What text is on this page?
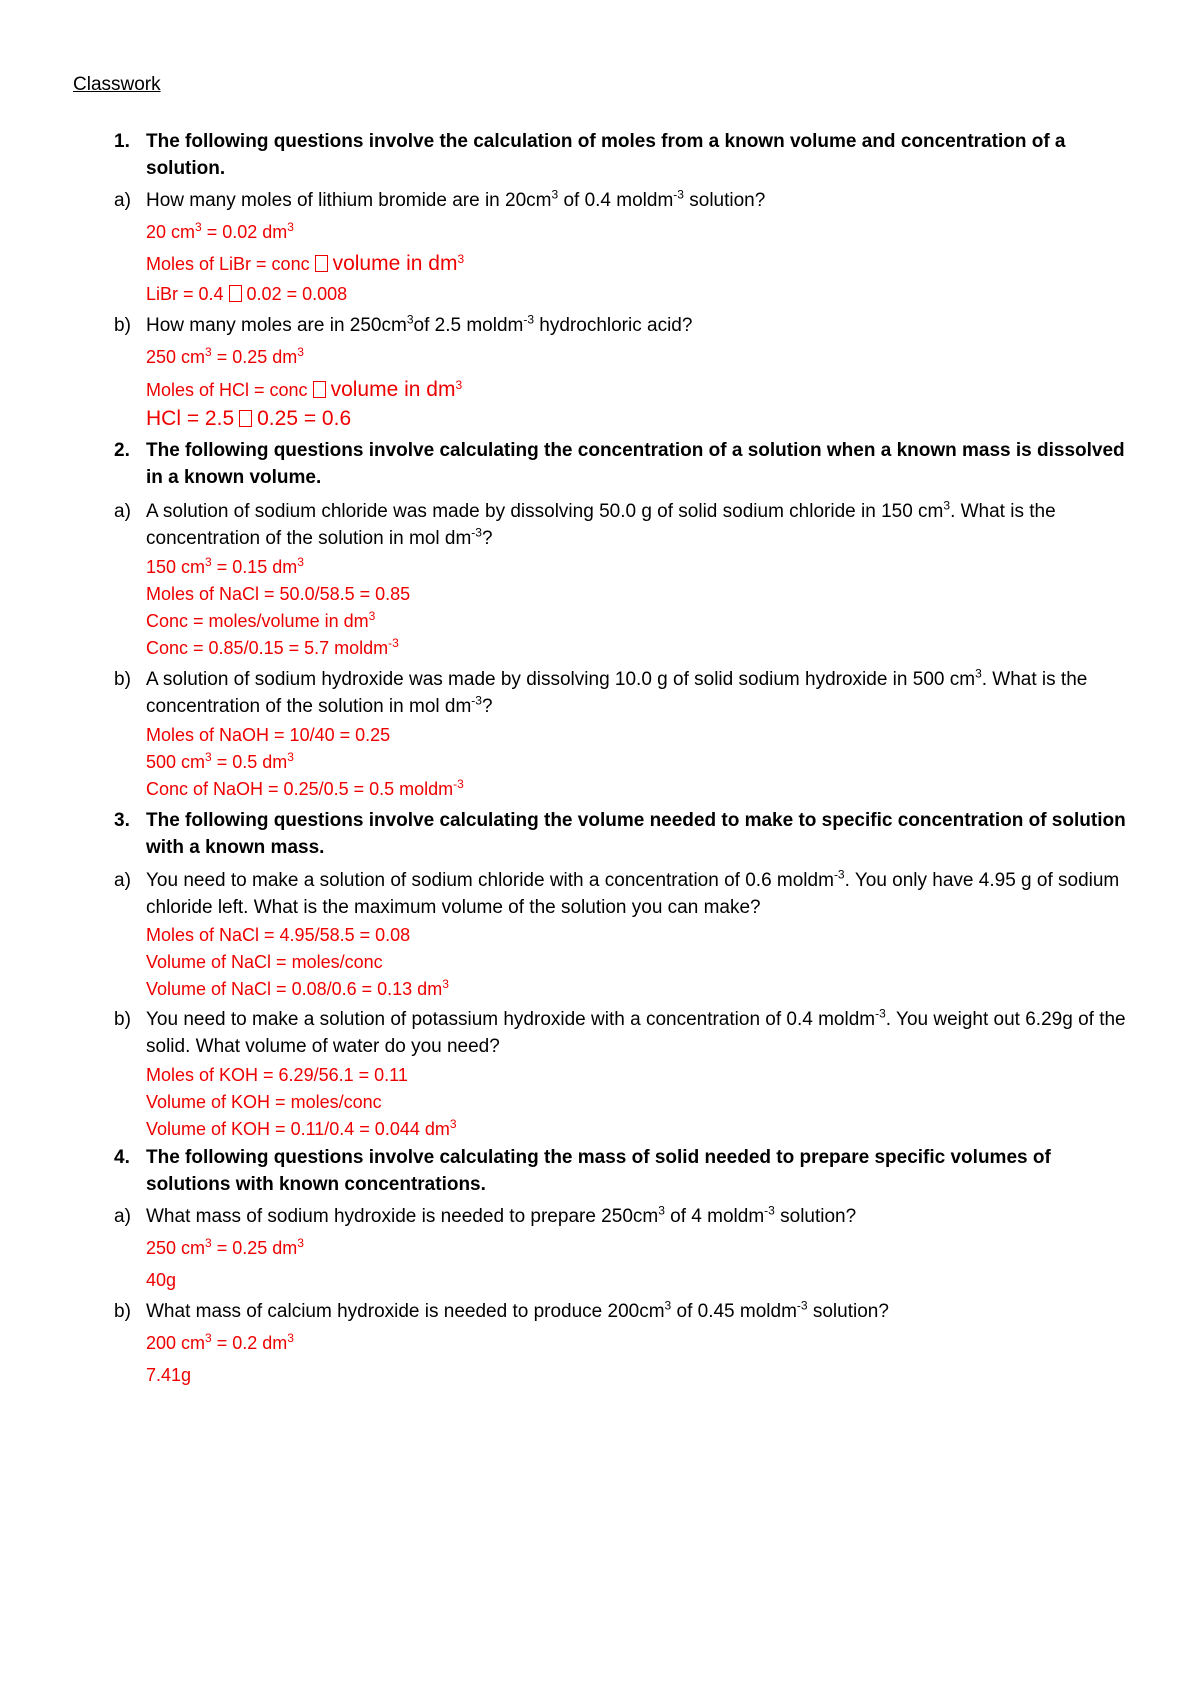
Classwork
1. The following questions involve the calculation of moles from a known volume and concentration of a solution.
a) How many moles of lithium bromide are in $20cm^3$ of 0.4 moldm$^{-3}$ solution?
20 $cm^3 = 0.02$ $dm^3$
Moles of LiBr = conc volume in $dm^3$
LiBr = 0.4 0.02 = 0.008
b) How many moles are in $250cm^3of$ 2.5 moldm$^{-3}$ hydrochloric acid?
250 $cm^3 = 0.25$ $dm^3$
Moles of HCl = conc volume in $dm^3$
HCl = 2.5 0.25 = 0.6
2. The following questions involve calculating the concentration of a solution when a known mass is dissolved in a known volume.
a) A solution of sodium chloride was made by dissolving 50.0 g of solid sodium chloride in 150 $cm^3$. What is the concentration of the solution in mol $dm^{-3}$?
150 $cm^3 = 0.15$ $dm^3$
Moles of NaCl = 50.0/58.5 = 0.85
Conc = moles/volume in $dm^3$
Conc = 0.85/0.15 = 5.7 moldm$^{-3}$
b) A solution of sodium hydroxide was made by dissolving 10.0 g of solid sodium hydroxide in 500 $cm^3$. What is the concentration of the solution in mol $dm^{-3}$?
Moles of NaOH = 10/40 = 0.25
500 $cm^3 = 0.5$ $dm^3$
Conc of NaOH = 0.25/0.5 = 0.5 moldm$^{-3}$
3. The following questions involve calculating the volume needed to make to specific concentration of solution with a known mass.
a) You need to make a solution of sodium chloride with a concentration of 0.6 moldm$^{-3}$. You only have 4.95 g of sodium chloride left. What is the maximum volume of the solution you can make?
Moles of NaCl = 4.95/58.5 = 0.08
Volume of NaCl = moles/conc
Volume of NaCl = 0.08/0.6 = 0.13 $dm^3$
b) You need to make a solution of potassium hydroxide with a concentration of 0.4 moldm$^{-3}$. You weight out 6.29g of the solid. What volume of water do you need?
Moles of KOH = 6.29/56.1 = 0.11
Volume of KOH = moles/conc
Volume of KOH = 0.11/0.4 = 0.044 $dm^3$
4. The following questions involve calculating the mass of solid needed to prepare specific volumes of solutions with known concentrations.
a) What mass of sodium hydroxide is needed to prepare $250cm^3$ of 4 moldm$^{-3}$ solution?
250 $cm^3 = 0.25$ $dm^3$
40g
b) What mass of calcium hydroxide is needed to produce $200cm^3$ of 0.45 moldm$^{-3}$ solution?
200 $cm^3 = 0.2$ $dm^3$
7.41g
